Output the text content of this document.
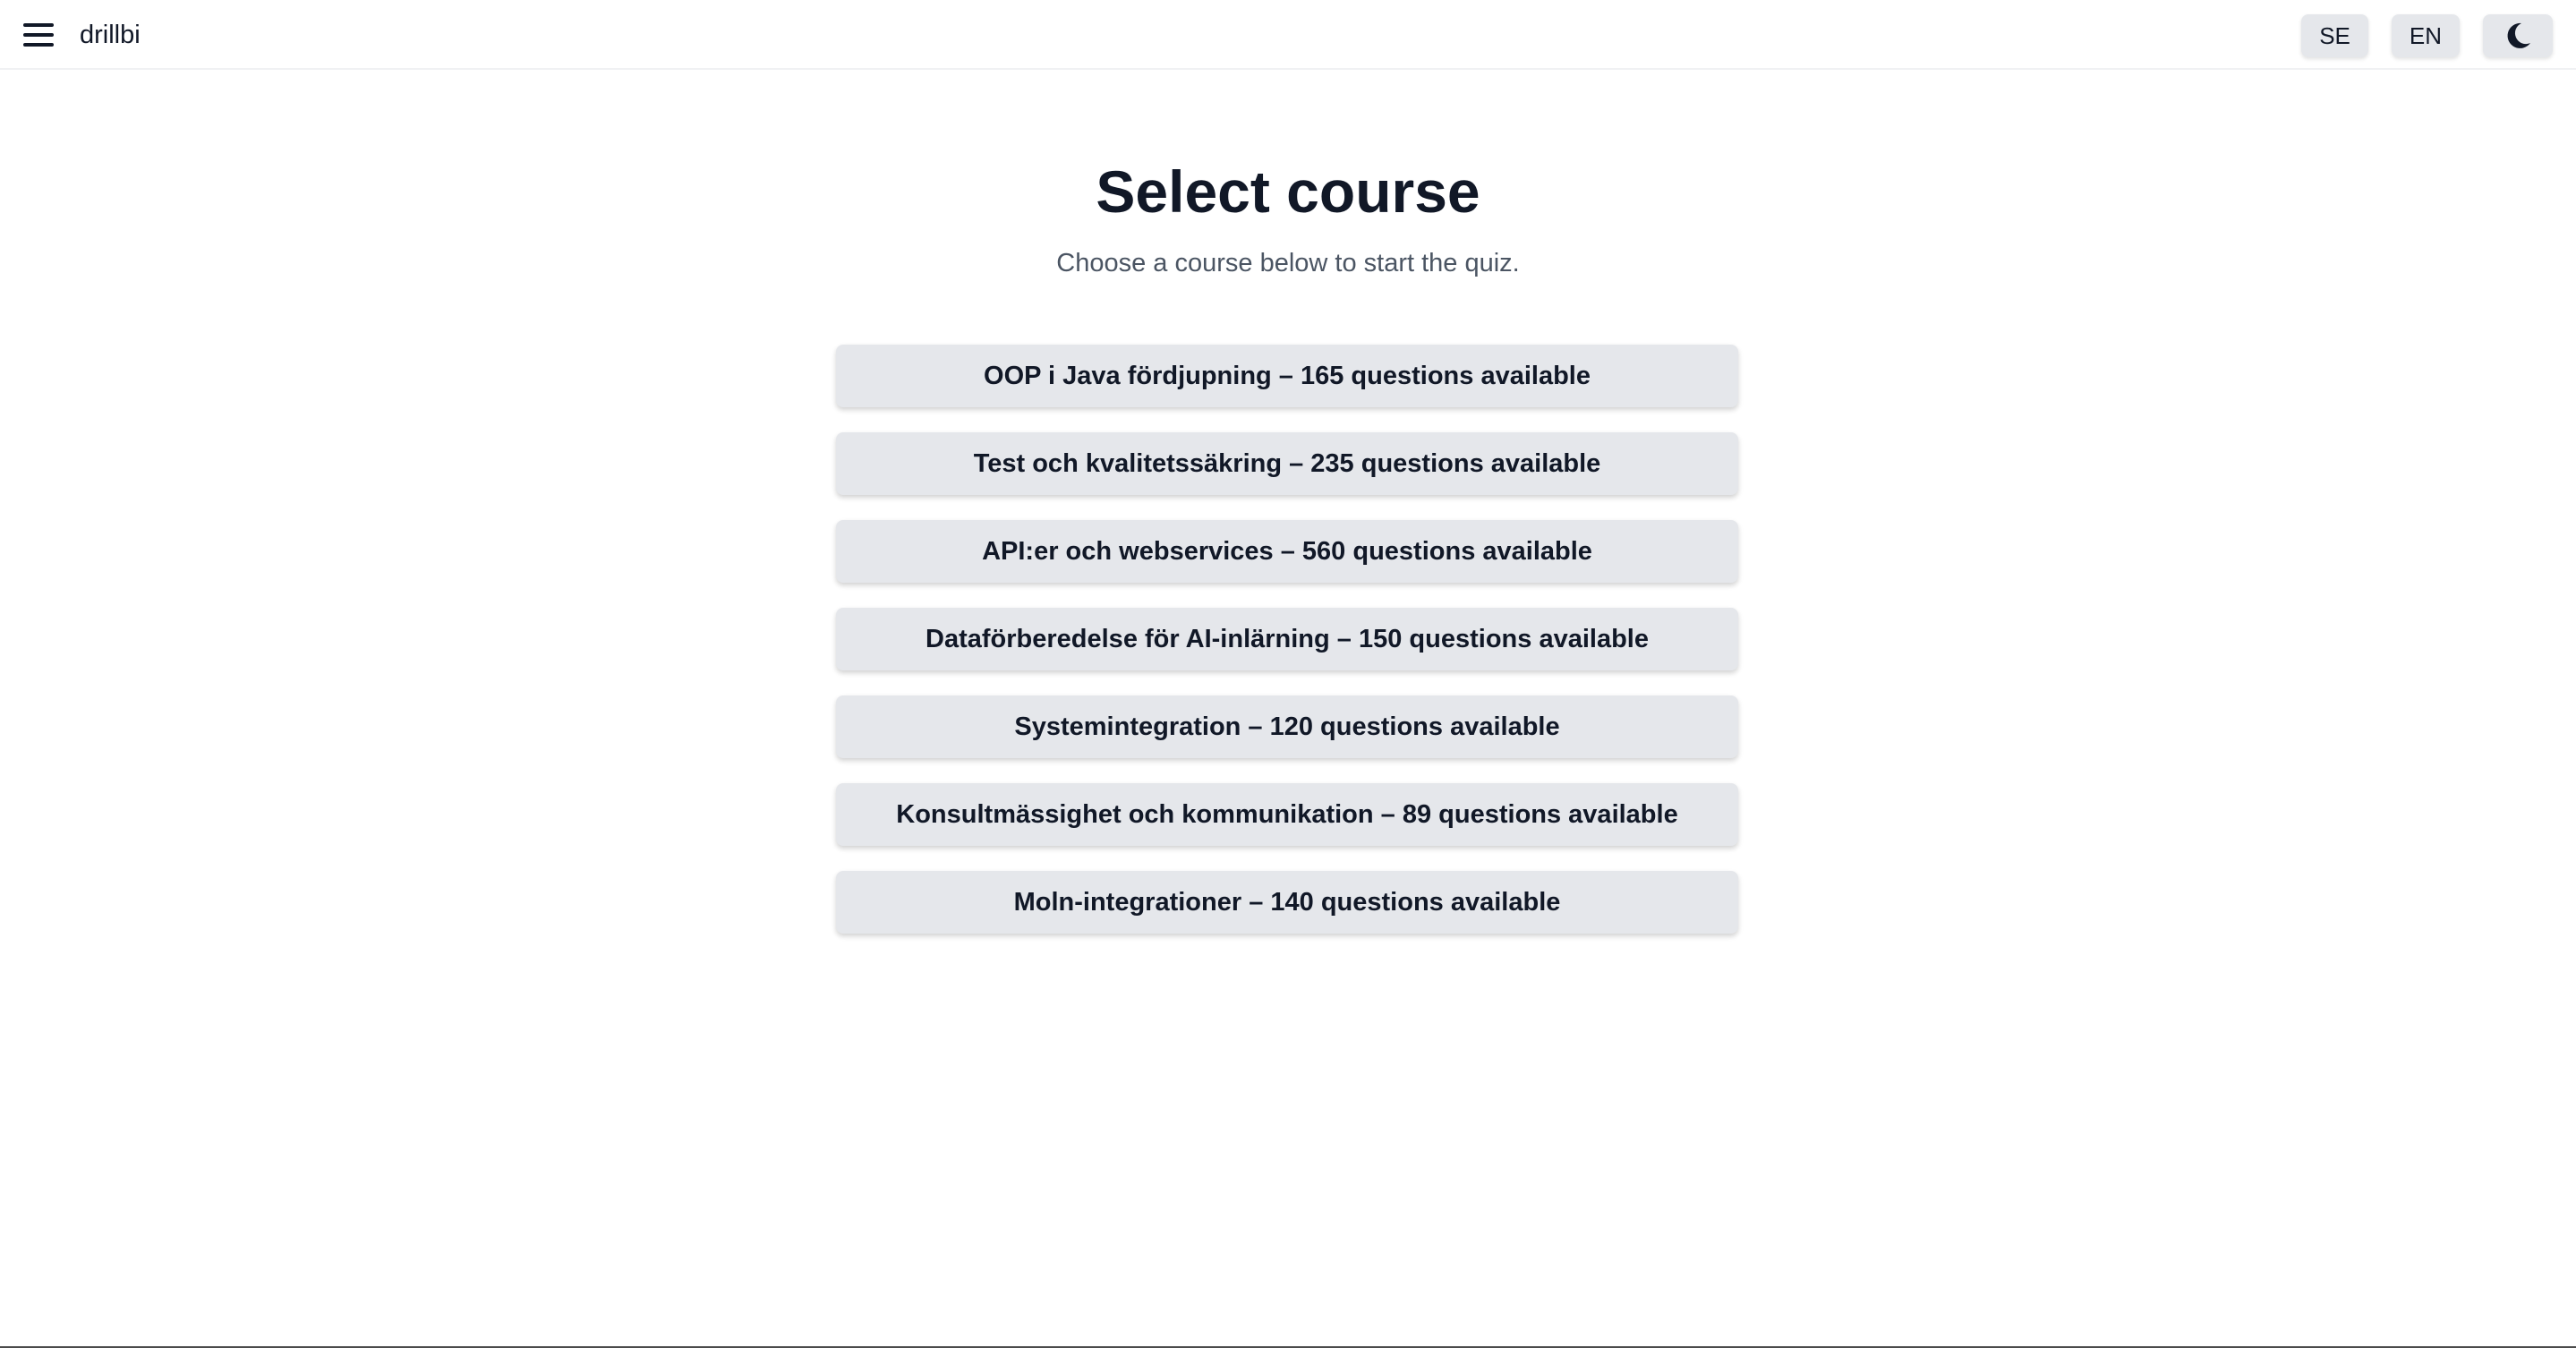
drillbi	SE	EN
Select course

Choose a course below to start the quiz.

OOP i Java fördjupning – 165 questions available
Test och kvalitetssäkring – 235 questions available
API:er och webservices – 560 questions available
Dataförberedelse för AI-inlärning – 150 questions available
Systemintegration – 120 questions available
Konsultmässighet och kommunikation – 89 questions available
Moln-integrationer – 140 questions available
